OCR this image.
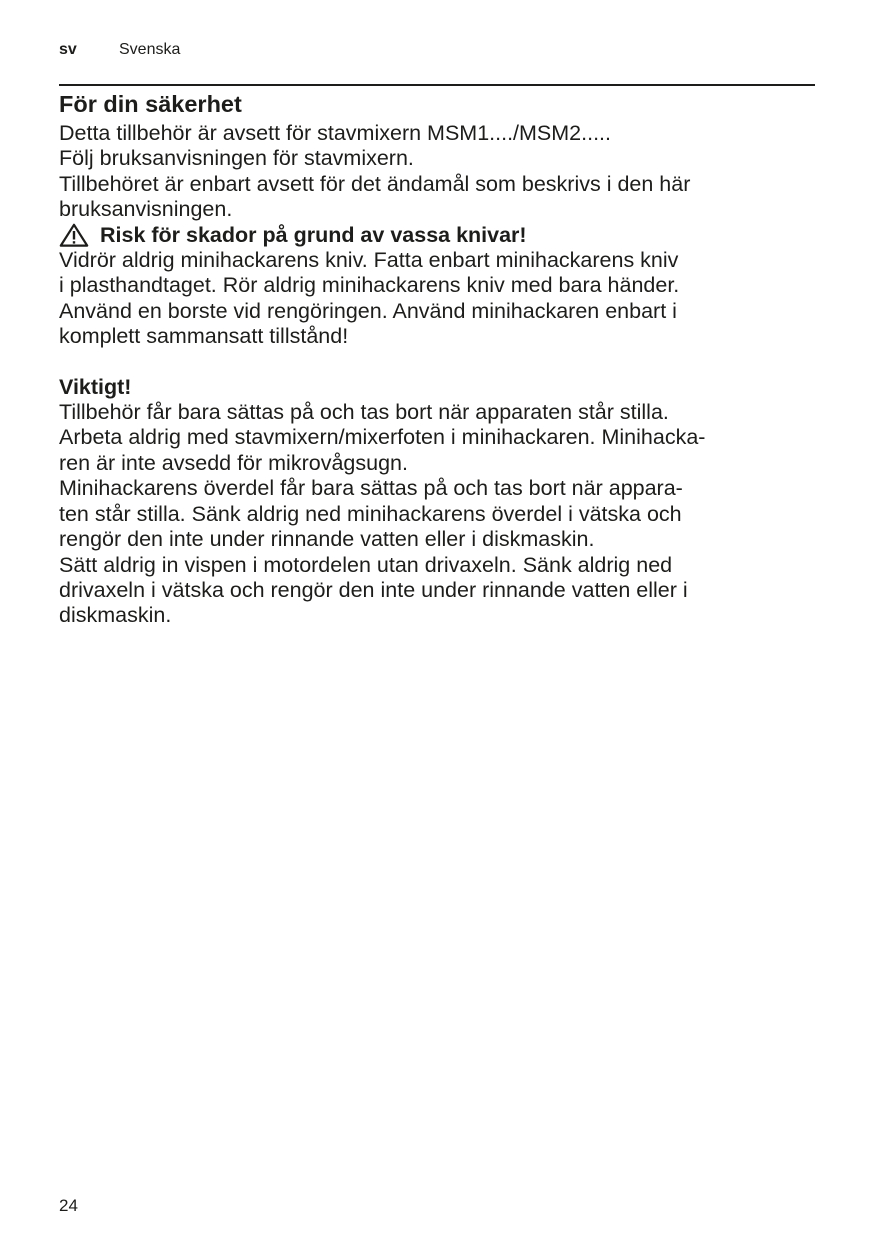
sv	Svenska
För din säkerhet

Detta tillbehör är avsett för stavmixern MSM1..../MSM2.....
Följ bruksanvisningen för stavmixern.
Tillbehöret är enbart avsett för det ändamål som beskrivs i den här
bruksanvisningen.

Risk för skador på grund av vassa knivar!

Vidrör aldrig minihackarens kniv. Fatta enbart minihackarens kniv
i plasthandtaget. Rör aldrig minihackarens kniv med bara händer.
Använd en borste vid rengöringen. Använd minihackaren enbart i
komplett sammansatt tillstånd!

Viktigt!

Tillbehör får bara sättas på och tas bort när apparaten står stilla.
Arbeta aldrig med stavmixern/mixerfoten i minihackaren. Minihacka-
ren är inte avsedd för mikrovågsugn.
Minihackarens överdel får bara sättas på och tas bort när appara-
ten står stilla. Sänk aldrig ned minihackarens överdel i vätska och
rengör den inte under rinnande vatten eller i diskmaskin.
Sätt aldrig in vispen i motordelen utan drivaxeln. Sänk aldrig ned
drivaxeln i vätska och rengör den inte under rinnande vatten eller i
diskmaskin.

24
